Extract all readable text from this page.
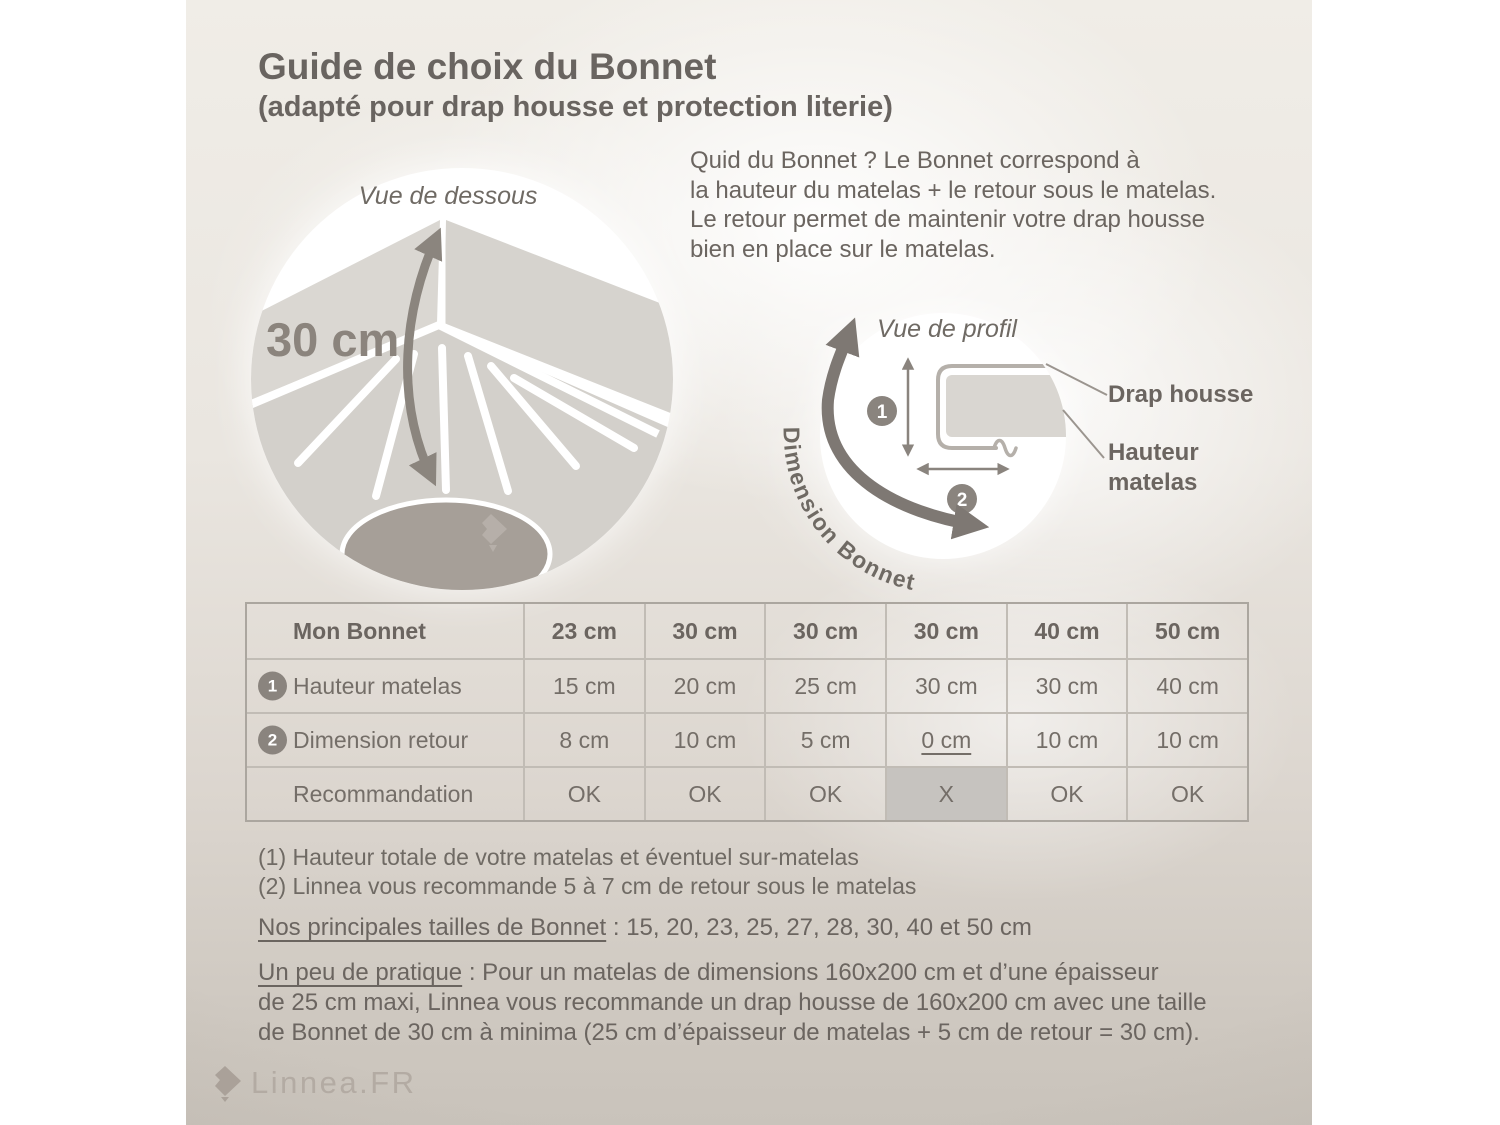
Guide de choix du Bonnet
(adapté pour drap housse et protection literie)
Quid du Bonnet ? Le Bonnet correspond à
la hauteur du matelas + le retour sous le matelas.
Le retour permet de maintenir votre drap housse
bien en place sur le matelas.
Vue de dessous
30 cm
1
2
Dimension Bonnet
Vue de profil
Drap housse
Hauteur
matelas
Mon Bonnet	23 cm	30 cm	30 cm	30 cm	40 cm	50 cm
1 Hauteur matelas	15 cm	20 cm	25 cm	30 cm	30 cm	40 cm
2 Dimension retour	8 cm	10 cm	5 cm	0 cm	10 cm	10 cm
Recommandation	OK	OK	OK	X	OK	OK
(1) Hauteur totale de votre matelas et éventuel sur-matelas
(2) Linnea vous recommande 5 à 7 cm de retour sous le matelas
Nos principales tailles de Bonnet : 15, 20, 23, 25, 27, 28, 30, 40 et 50 cm
Un peu de pratique : Pour un matelas de dimensions 160x200 cm et d’une épaisseur
de 25 cm maxi, Linnea vous recommande un drap housse de 160x200 cm avec une taille
de Bonnet de 30 cm à minima (25 cm d’épaisseur de matelas + 5 cm de retour = 30 cm).
Linnea.FR
